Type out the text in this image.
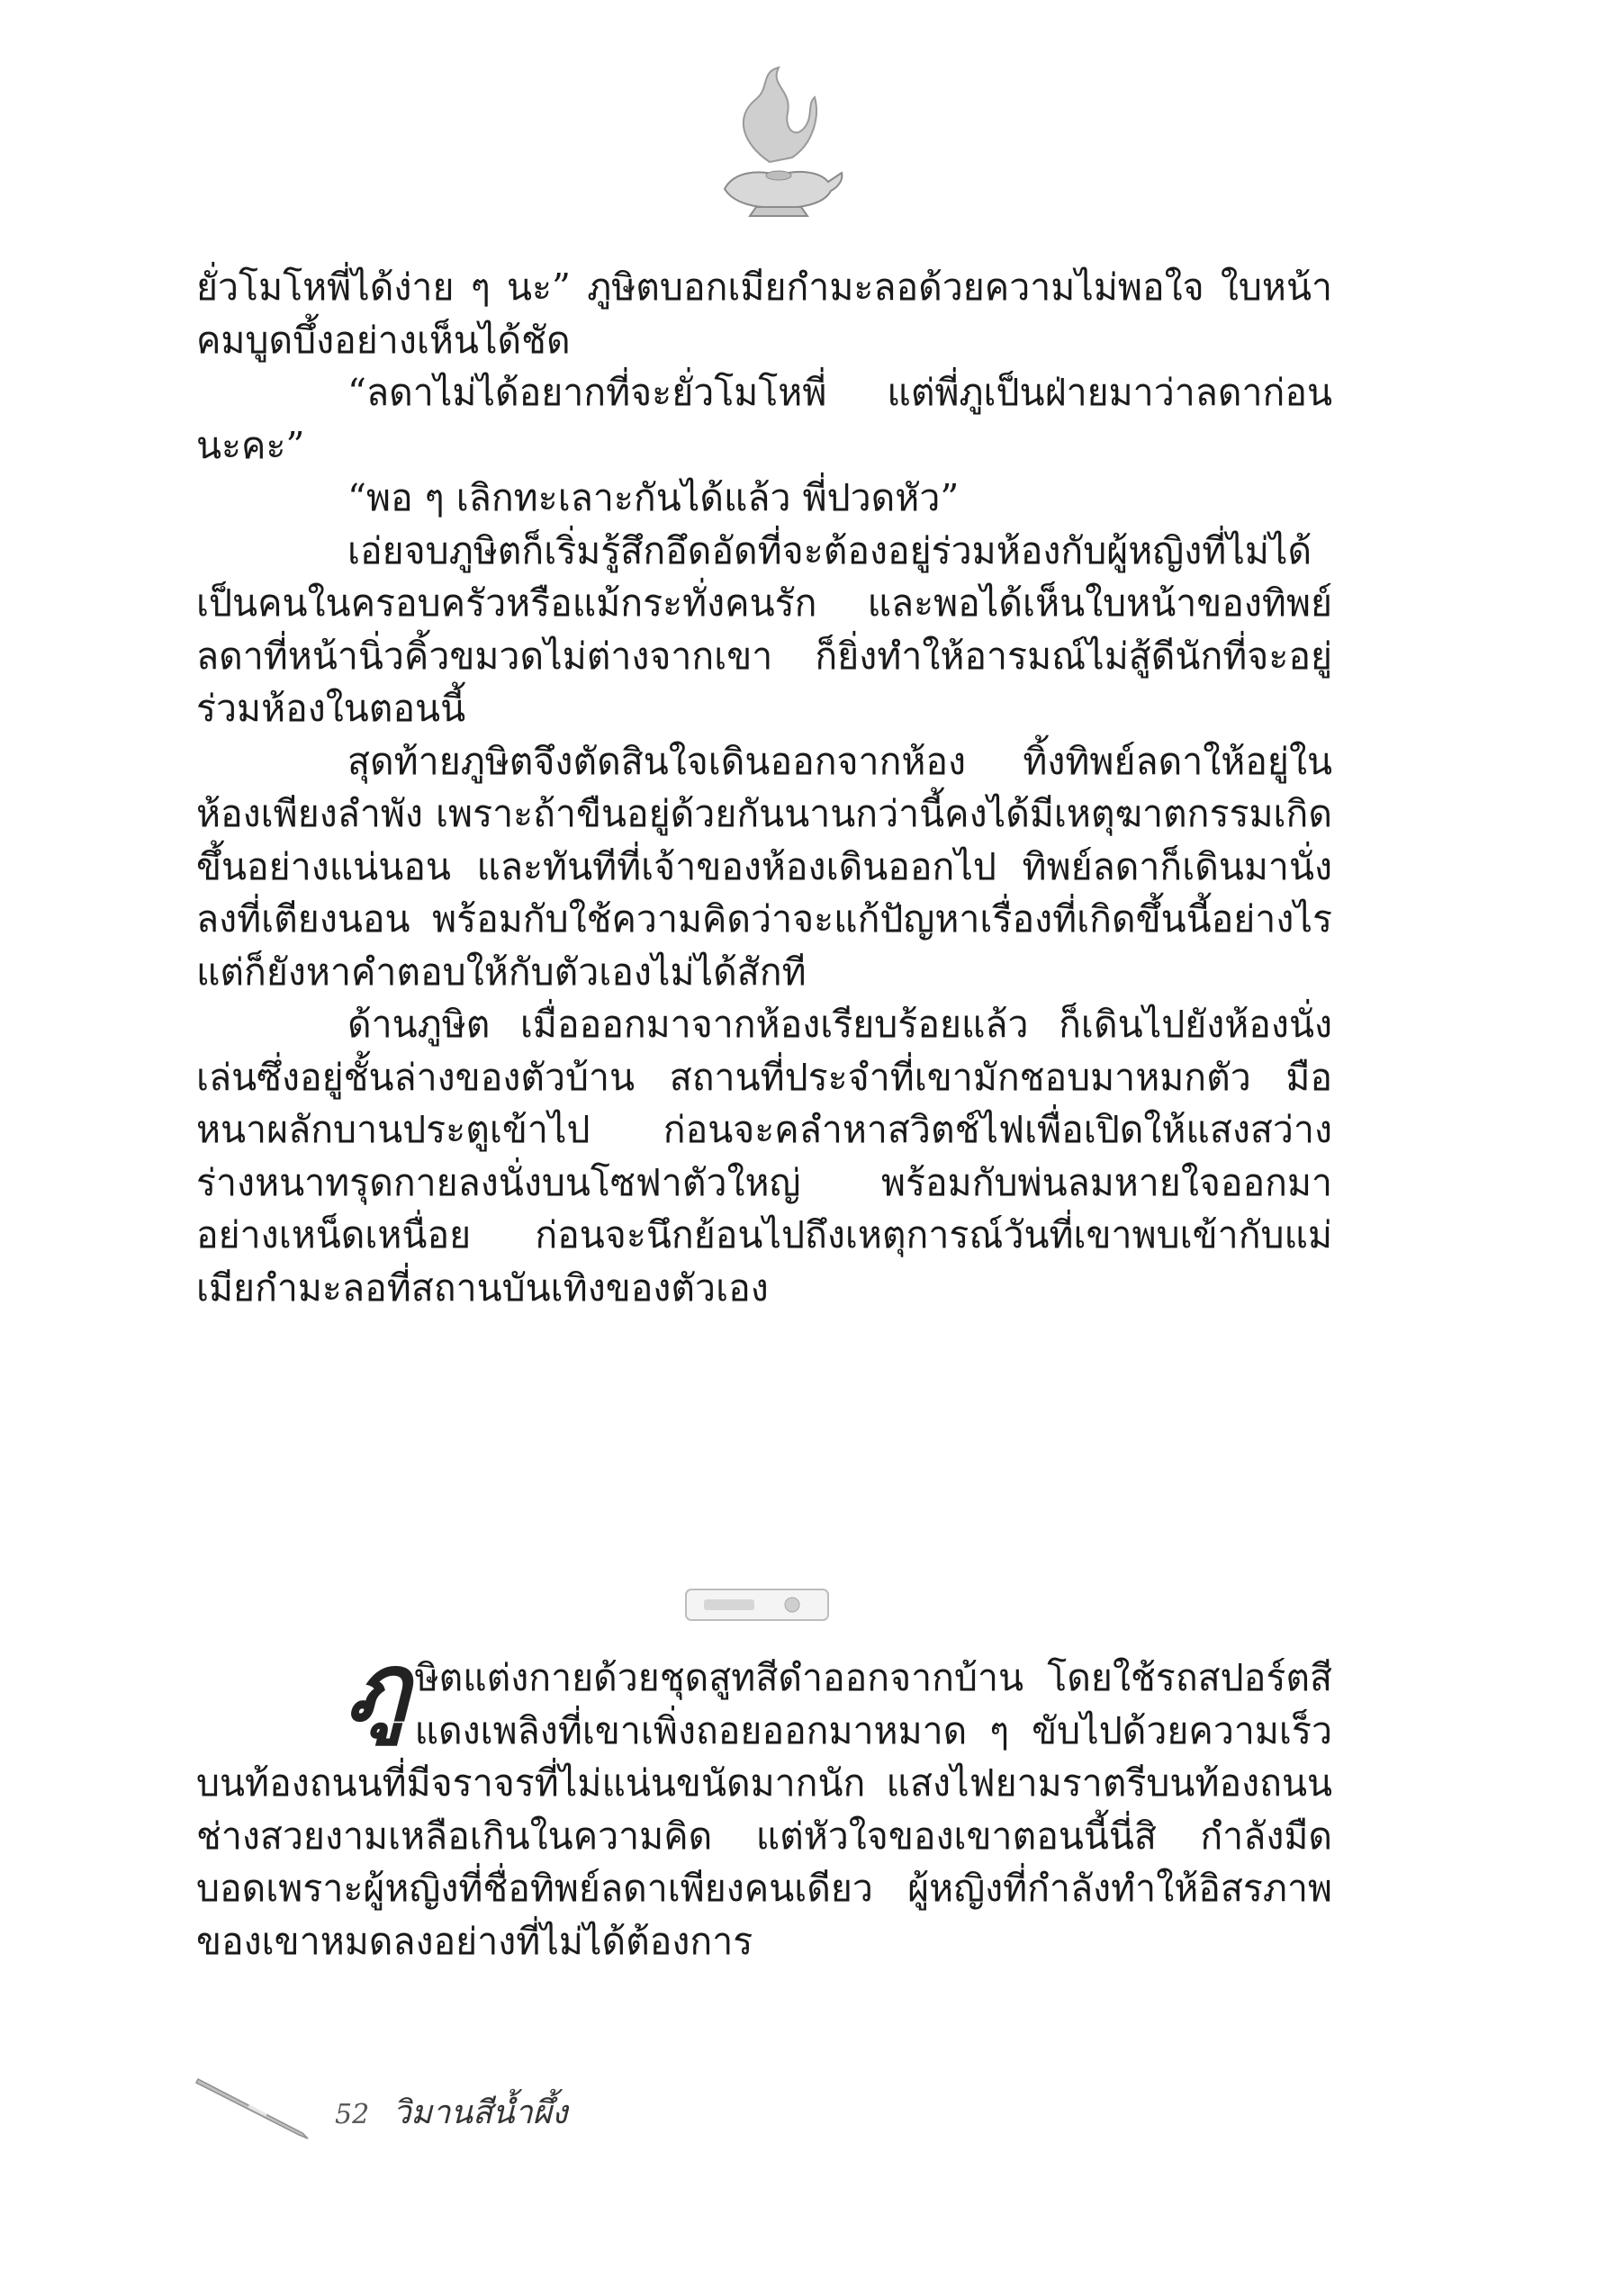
ยั่วโมโหพี่ได้ง่าย ๆ นะ” ภูษิตบอกเมียกำมะลอด้วยความไม่พอใจ ใบหน้าคมบูดบึ้งอย่างเห็นได้ชัด

“ลดาไม่ได้อยากที่จะยั่วโมโหพี่ แต่พี่ภูเป็นฝ่ายมาว่าลดาก่อน นะคะ”

“พอ ๆ เลิกทะเลาะกันได้แล้ว พี่ปวดหัว”

เอ่ยจบภูษิตก็เริ่มรู้สึกอึดอัดที่จะต้องอยู่ร่วมห้องกับผู้หญิงที่ไม่ได้เป็นคนในครอบครัวหรือแม้กระทั่งคนรัก และพอได้เห็นใบหน้าของทิพย์ลดาที่หน้านิ่วคิ้วขมวดไม่ต่างจากเขา ก็ยิ่งทำให้อารมณ์ไม่สู้ดีนักที่จะอยู่ร่วมห้องในตอนนี้

สุดท้ายภูษิตจึงตัดสินใจเดินออกจากห้อง ทิ้งทิพย์ลดาให้อยู่ในห้องเพียงลำพัง เพราะถ้าขืนอยู่ด้วยกันนานกว่านี้คงได้มีเหตุฆาตกรรมเกิดขึ้นอย่างแน่นอน และทันทีที่เจ้าของห้องเดินออกไป ทิพย์ลดาก็เดินมานั่งลงที่เตียงนอน พร้อมกับใช้ความคิดว่าจะแก้ปัญหาเรื่องที่เกิดขึ้นนี้อย่างไร แต่ก็ยังหาคำตอบให้กับตัวเองไม่ได้สักที

ด้านภูษิต เมื่อออกมาจากห้องเรียบร้อยแล้ว ก็เดินไปยังห้องนั่งเล่นซึ่งอยู่ชั้นล่างของตัวบ้าน สถานที่ประจำที่เขามักชอบมาหมกตัว มือหนาผลักบานประตูเข้าไป ก่อนจะคลำหาสวิตช์ไฟเพื่อเปิดให้แสงสว่าง ร่างหนาทรุดกายลงนั่งบนโซฟาตัวใหญ่ พร้อมกับพ่นลมหายใจออกมาอย่างเหน็ดเหนื่อย ก่อนจะนึกย้อนไปถึงเหตุการณ์วันที่เขาพบเข้ากับแม่เมียกำมะลอที่สถานบันเทิงของตัวเอง

ภู ษิตแต่งกายด้วยชุดสูทสีดำออกจากบ้าน โดยใช้รถสปอร์ตสีแดงเพลิงที่เขาเพิ่งถอยออกมาหมาด ๆ ขับไปด้วยความเร็วบนท้องถนนที่มีจราจรที่ไม่แน่นขนัดมากนัก แสงไฟยามราตรีบนท้องถนนช่างสวยงามเหลือเกินในความคิด แต่หัวใจของเขาตอนนี้นี่สิ กำลังมืดบอดเพราะผู้หญิงที่ชื่อทิพย์ลดาเพียงคนเดียว ผู้หญิงที่กำลังทำให้อิสรภาพของเขาหมดลงอย่างที่ไม่ได้ต้องการ

52 วิมานสีน้ำผึ้ง
